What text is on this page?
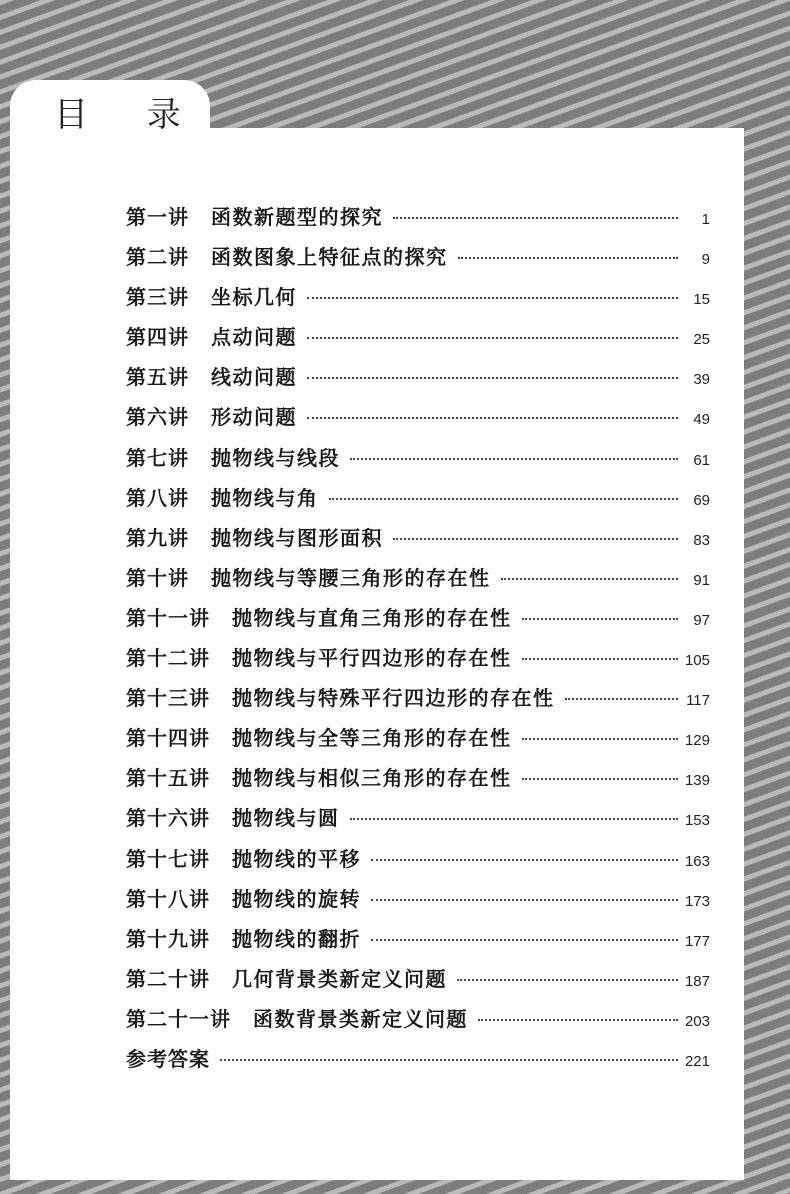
目 录
第一讲 函数新题型的探究	1
第二讲 函数图象上特征点的探究	9
第三讲 坐标几何	15
第四讲 点动问题	25
第五讲 线动问题	39
第六讲 形动问题	49
第七讲 抛物线与线段	61
第八讲 抛物线与角	69
第九讲 抛物线与图形面积	83
第十讲 抛物线与等腰三角形的存在性	91
第十一讲 抛物线与直角三角形的存在性	97
第十二讲 抛物线与平行四边形的存在性	105
第十三讲 抛物线与特殊平行四边形的存在性	117
第十四讲 抛物线与全等三角形的存在性	129
第十五讲 抛物线与相似三角形的存在性	139
第十六讲 抛物线与圆	153
第十七讲 抛物线的平移	163
第十八讲 抛物线的旋转	173
第十九讲 抛物线的翻折	177
第二十讲 几何背景类新定义问题	187
第二十一讲 函数背景类新定义问题	203
参考答案	221
